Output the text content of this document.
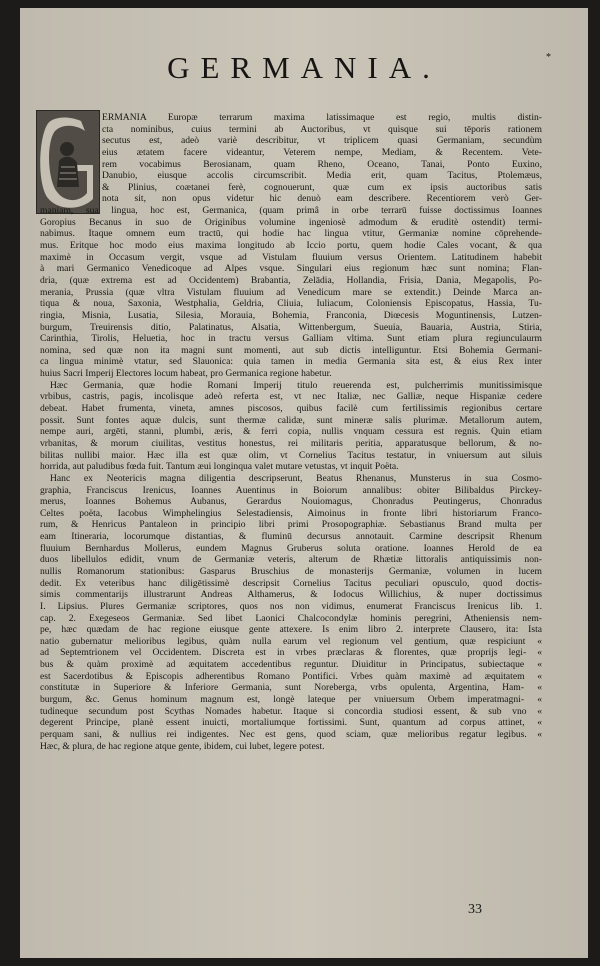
GERMANIA.	*
ERMANIA Europæ terrarum maxima latissimaque est regio, multis distin-
cta nominibus, cuius termini ab Auctoribus, vt quisque sui tēporis rationem
secutus est, adeò variè describitur, vt triplicem quasi Germaniam, secundùm
eius ætatem facere videantur, Veterem nempe, Mediam, & Recentem. Vete-
rem vocabimus Berosianam, quam Rheno, Oceano, Tanai, Ponto Euxino,
Danubio, eiusque accolis circumscribit. Media erit, quam Tacitus, Ptolemæus,
& Plinius, coætanei ferè, cognouerunt, quæ cum ex ipsis auctoribus satis
nota sit, non opus videtur hic denuò eam describere. Recentiorem verò Ger-
maniam, sua lingua, hoc est, Germanica, (quam primâ in orbe terrarū fuisse doctissimus Ioannes
Goropius Becanus in suo de Originibus volumine ingeniosè admodum & eruditè ostendit) termi-
nabimus. Itaque omnem eum tractū, qui hodie hac lingua vtitur, Germaniæ nomine cōprehende-
mus. Eritque hoc modo eius maxima longitudo ab Iccio portu, quem hodie Cales vocant, & qua
maximè in Occasum vergit, vsque ad Vistulam fluuium versus Orientem. Latitudinem habebit
à mari Germanico Venedicoque ad Alpes vsque. Singulari eius regionum hæc sunt nomina; Flan-
dria, (quæ extrema est ad Occidentem) Brabantia, Zelādia, Hollandia, Frisia, Dania, Megapolis, Po-
merania, Prussia (quæ vltra Vistulam fluuium ad Venedicum mare se extendit.) Deinde Marca an-
tiqua & noua, Saxonia, Westphalia, Geldria, Cliuia, Iuliacum, Coloniensis Episcopatus, Hassia, Tu-
ringia, Misnia, Lusatia, Silesia, Morauia, Bohemia, Franconia, Diœcesis Moguntinensis, Lutzen-
burgum, Treuirensis ditio, Palatinatus, Alsatia, Wittenbergum, Sueuia, Bauaria, Austria, Stiria,
Carinthia, Tirolis, Heluetia, hoc in tractu versus Galliam vltima. Sunt etiam plura regiunculaurm
nomina, sed quæ non ita magni sunt momenti, aut sub dictis intelliguntur. Etsi Bohemia Germani-
ca lingua minimè vtatur, sed Slauonica: quia tamen in media Germania sita est, & eius Rex inter
huius Sacri Imperij Electores locum habeat, pro Germanica regione habetur.
Hæc Germania, quæ hodie Romani Imperij titulo reuerenda est, pulcherrimis munitissimisque
vrbibus, castris, pagis, incolisque adeò referta est, vt nec Italiæ, nec Galliæ, neque Hispaniæ cedere
debeat. Habet frumenta, vineta, amnes piscosos, quibus facilè cum fertilissimis regionibus certare
possit. Sunt fontes aquæ dulcis, sunt thermæ calidæ, sunt mineræ salis plurimæ. Metallorum autem,
nempe auri, argēti, stanni, plumbi, æris, & ferri copia, nullis vnquam cessura est regnis. Quin etiam
vrbanitas, & morum ciuilitas, vestitus honestus, rei militaris peritia, apparatusque bellorum, & no-
bilitas nullibi maior. Hæc illa est quæ olim, vt Cornelius Tacitus testatur, in vniuersum aut siluis
horrida, aut paludibus fœda fuit. Tantum æui longinqua valet mutare vetustas, vt inquit Poëta.
Hanc ex Neotericis magna diligentia descripserunt, Beatus Rhenanus, Munsterus in sua Cosmo-
graphia, Franciscus Irenicus, Ioannes Auentinus in Boiorum annalibus: obiter Bilibaldus Pirckey-
merus, Ioannes Bohemus Aubanus, Gerardus Nouiomagus, Chonradus Peutingerus, Chonradus
Celtes poëta, Iacobus Wimphelingius Selestadiensis, Aimoinus in fronte libri historiarum Franco-
rum, & Henricus Pantaleon in principio libri primi Prosopographiæ. Sebastianus Brand multa per
eam Itineraria, locorumque distantias, & fluminū decursus annotauit. Carmine descripsit Rhenum
fluuium Bernhardus Mollerus, eundem Magnus Gruberus soluta oratione. Ioannes Herold de ea
duos libellulos edidit, vnum de Germaniæ veteris, alterum de Rhætiæ littoralis antiquissimis non-
nullis Romanorum stationibus: Gasparus Bruschius de monasterijs Germaniæ, volumen in lucem
dedit. Ex veteribus hanc diligētissimè descripsit Cornelius Tacitus peculiari opusculo, quod doctis-
simis commentarijs illustrarunt Andreas Althamerus, & Iodocus Willichius, & nuper doctissimus
I. Lipsius. Plures Germaniæ scriptores, quos nos non vidimus, enumerat Franciscus Irenicus lib. 1.
cap. 2. Exegeseos Germaniæ. Sed libet Laonici Chalcocondylæ hominis peregrini, Atheniensis nem-
pe, hæc quædam de hac regione eiusque gente attexere. Is enim libro 2. interprete Clausero, ita: Ista
natio gubernatur melioribus legibus, quàm nulla earum vel regionum vel gentium, quæ respiciunt «
ad Septemtrionem vel Occidentem. Discreta est in vrbes præclaras & florentes, quæ proprijs legi- «
bus & quàm proximè ad æquitatem accedentibus reguntur. Diuiditur in Principatus, subiectaque «
est Sacerdotibus & Episcopis adherentibus Romano Pontifici. Vrbes quàm maximè ad æquitatem «
constitutæ in Superiore & Inferiore Germania, sunt Noreberga, vrbs opulenta, Argentina, Ham- «
burgum, &c. Genus hominum magnum est, longè lateque per vniuersum Orbem imperatmagni- «
tudineque secundum post Scythas Nomades habetur. Itaque si concordia studiosi essent, & sub vno «
degerent Principe, planè essent inuicti, mortaliumque fortissimi. Sunt, quantum ad corpus attinet, «
perquam sani, & nullius rei indigentes. Nec est gens, quod sciam, quæ melioribus regatur legibus. «
Hæc, & plura, de hac regione atque gente, ibidem, cui lubet, legere potest.
33
